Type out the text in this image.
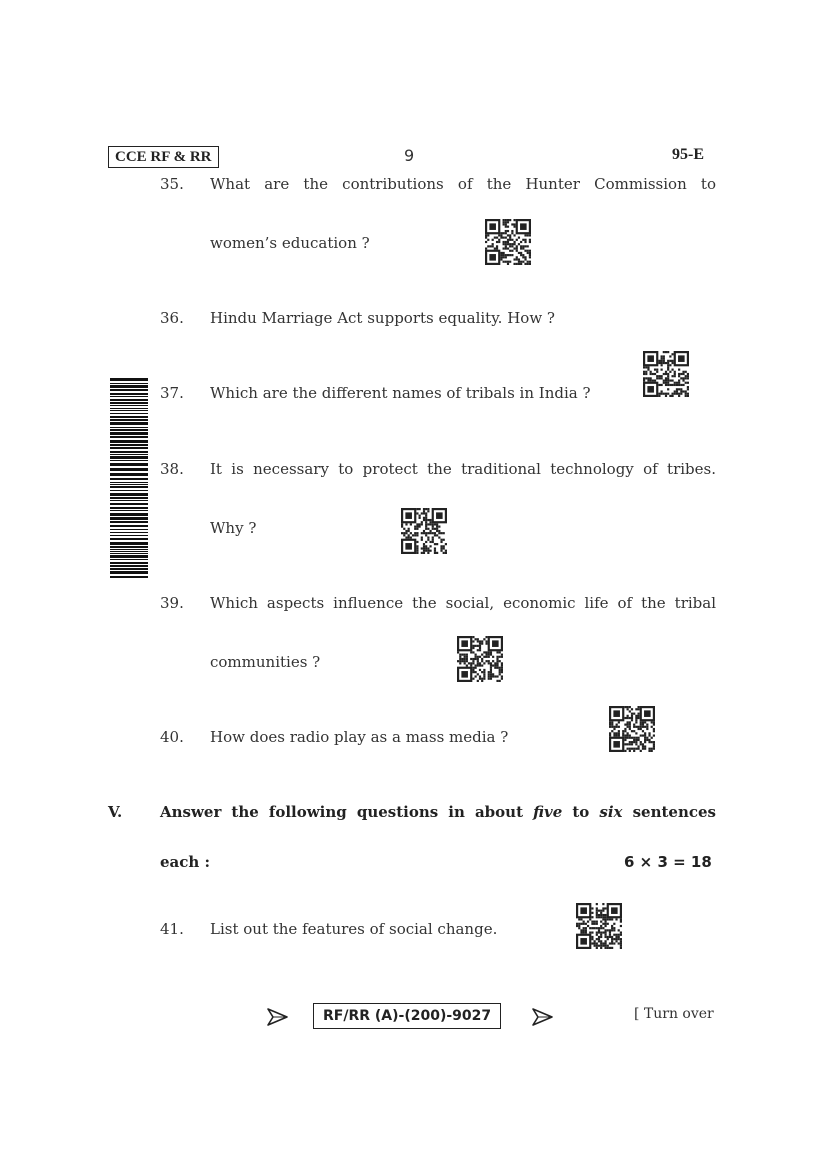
CCE RF & RR	9	95-E
35. What are the contributions of the Hunter Commission to
women’s education ?
36. Hindu Marriage Act supports equality. How ?
37. Which are the different names of tribals in India ?
38. It is necessary to protect the traditional technology of tribes.
Why ?
39. Which aspects influence the social, economic life of the tribal
communities ?
40. How does radio play as a mass media ?
V.	Answer the following questions in about five to six sentences
each :	6 × 3 = 18
41. List out the features of social change.
RF/RR (A)-(200)-9027	[ Turn over
